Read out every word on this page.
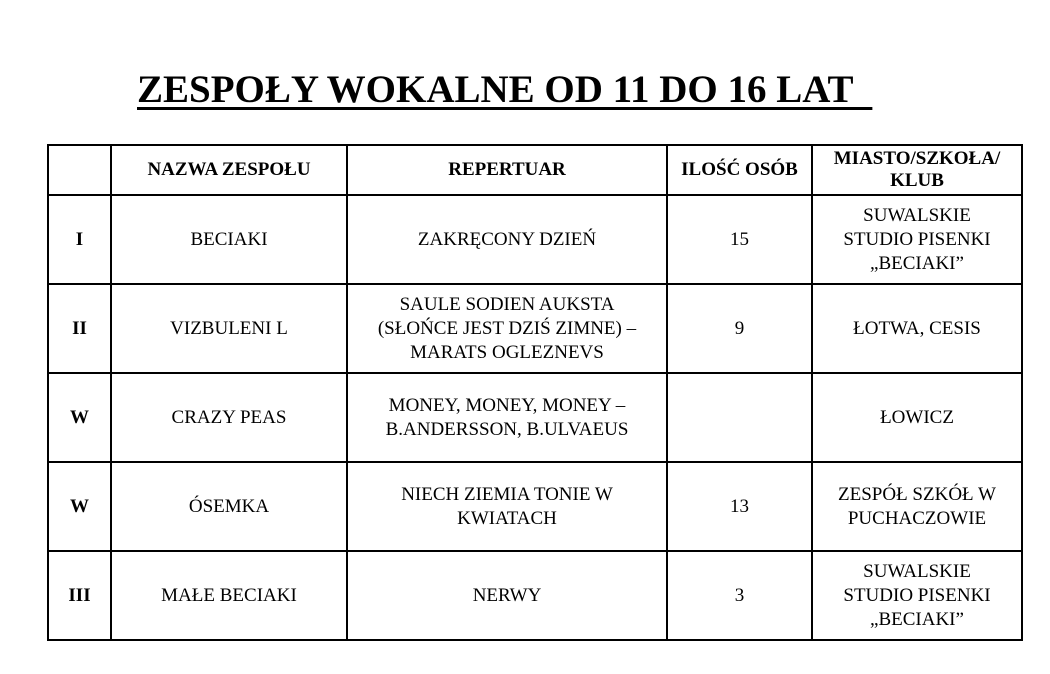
ZESPOŁY WOKALNE OD 11 DO 16 LAT

	NAZWA ZESPOŁU	REPERTUAR	ILOŚĆ OSÓB	MIASTO/SZKOŁA/
KLUB

I	BECIAKI	ZAKRĘCONY DZIEŃ	15	SUWALSKIE
STUDIO PISENKI
„BECIAKI”

II	VIZBULENI L	SAULE SODIEN AUKSTA
(SŁOŃCE JEST DZIŚ ZIMNE) –
MARATS OGLEZNEVS	9	ŁOTWA, CESIS

W	CRAZY PEAS	MONEY, MONEY, MONEY –
B.ANDERSSON, B.ULVAEUS		ŁOWICZ

W	ÓSEMKA	NIECH ZIEMIA TONIE W
KWIATACH	13	ZESPÓŁ SZKÓŁ W
PUCHACZOWIE

III	MAŁE BECIAKI	NERWY	3	SUWALSKIE
STUDIO PISENKI
„BECIAKI”
